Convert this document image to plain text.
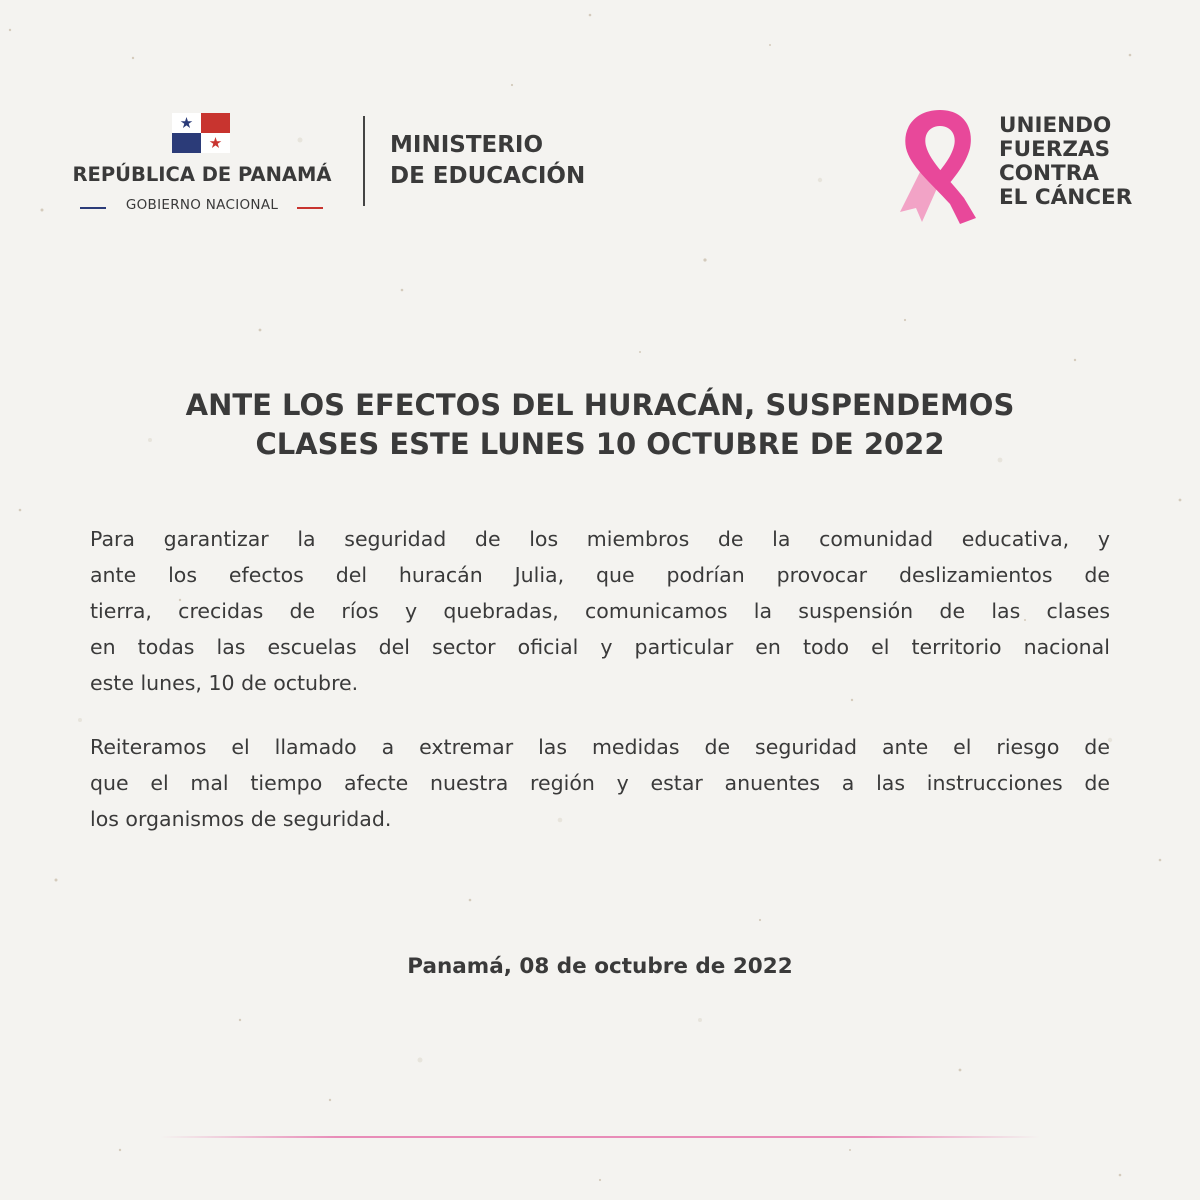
REPÚBLICA DE PANAMÁ
GOBIERNO NACIONAL
MINISTERIO
DE EDUCACIÓN
UNIENDO
FUERZAS
CONTRA
EL CÁNCER
ANTE LOS EFECTOS DEL HURACÁN, SUSPENDEMOS
CLASES ESTE LUNES 10 OCTUBRE DE 2022
Para garantizar la seguridad de los miembros de la comunidad educativa, y
ante los efectos del huracán Julia, que podrían provocar deslizamientos de
tierra, crecidas de ríos y quebradas, comunicamos la suspensión de las clases
en todas las escuelas del sector oficial y particular en todo el territorio nacional
este lunes, 10 de octubre.
Reiteramos el llamado a extremar las medidas de seguridad ante el riesgo de
que el mal tiempo afecte nuestra región y estar anuentes a las instrucciones de
los organismos de seguridad.
Panamá, 08 de octubre de 2022
